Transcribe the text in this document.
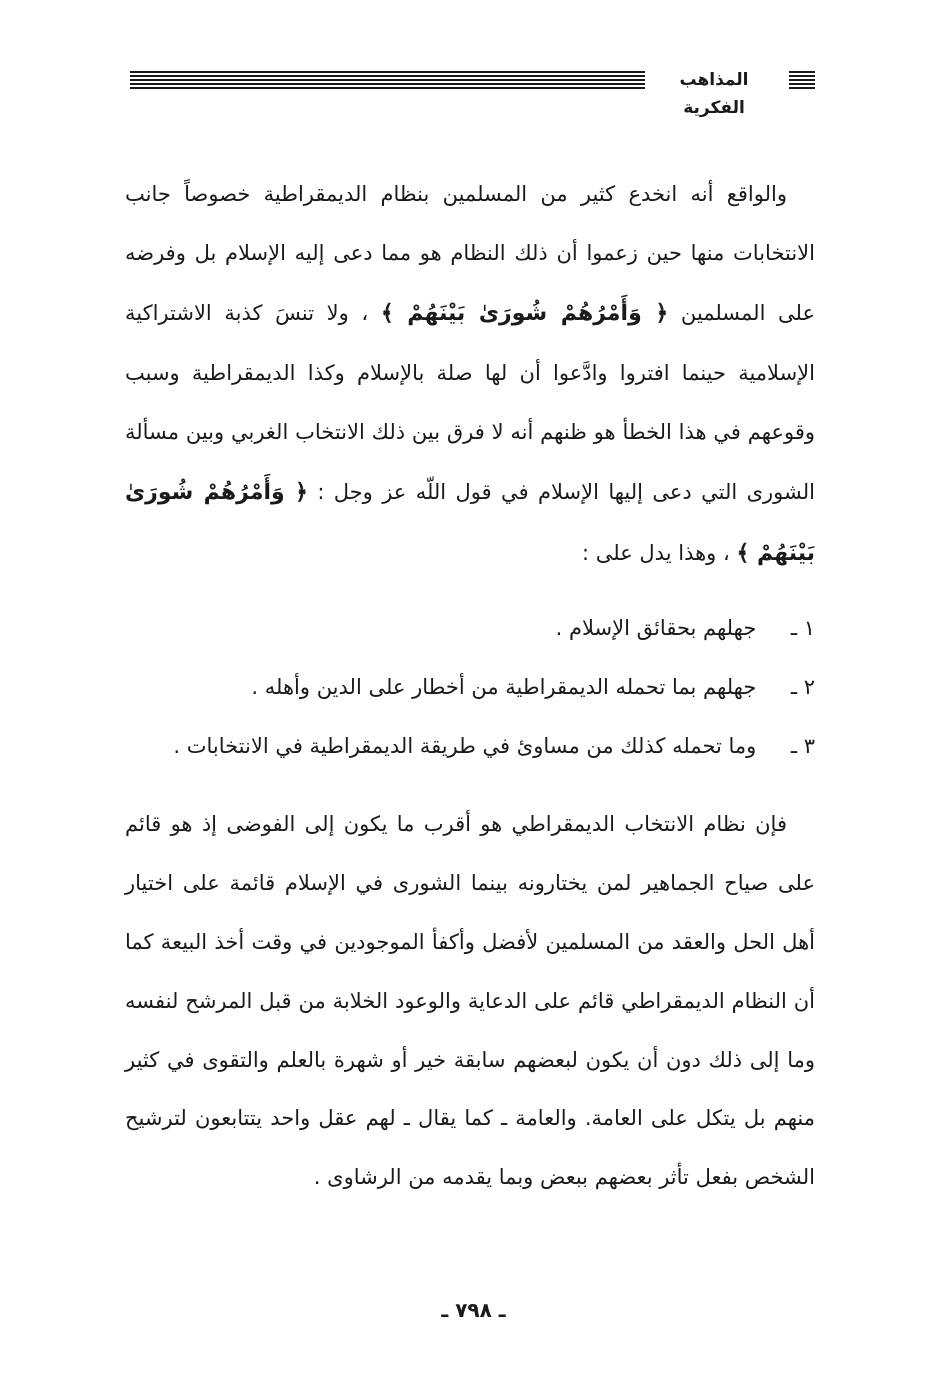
المذاهب الفكرية

والواقع أنه انخدع كثير من المسلمين بنظام الديمقراطية خصوصاً جانب الانتخابات منها حين زعموا أن ذلك النظام هو مما دعى إليه الإسلام بل وفرضه على المسلمين ﴿ وَأَمْرُهُمْ شُورَىٰ بَيْنَهُمْ ﴾ ، ولا تنسَ كذبة الاشتراكية الإسلامية حينما افتروا وادَّعوا أن لها صلة بالإسلام وكذا الديمقراطية وسبب وقوعهم في هذا الخطأ هو ظنهم أنه لا فرق بين ذلك الانتخاب الغربي وبين مسألة الشورى التي دعى إليها الإسلام في قول اللّه عز وجل : ﴿ وَأَمْرُهُمْ شُورَىٰ بَيْنَهُمْ ﴾ ، وهذا يدل على :

١ ـ جهلهم بحقائق الإسلام .
٢ ـ جهلهم بما تحمله الديمقراطية من أخطار على الدين وأهله .
٣ ـ وما تحمله كذلك من مساوئ في طريقة الديمقراطية في الانتخابات .

فإن نظام الانتخاب الديمقراطي هو أقرب ما يكون إلى الفوضى إذ هو قائم على صياح الجماهير لمن يختارونه بينما الشورى في الإسلام قائمة على اختيار أهل الحل والعقد من المسلمين لأفضل وأكفأ الموجودين في وقت أخذ البيعة كما أن النظام الديمقراطي قائم على الدعاية والوعود الخلابة من قبل المرشح لنفسه وما إلى ذلك دون أن يكون لبعضهم سابقة خير أو شهرة بالعلم والتقوى في كثير منهم بل يتكل على العامة. والعامة ـ كما يقال ـ لهم عقل واحد يتتابعون لترشيح الشخص بفعل تأثر بعضهم ببعض وبما يقدمه من الرشاوى .

ـ ٧٩٨ ـ
